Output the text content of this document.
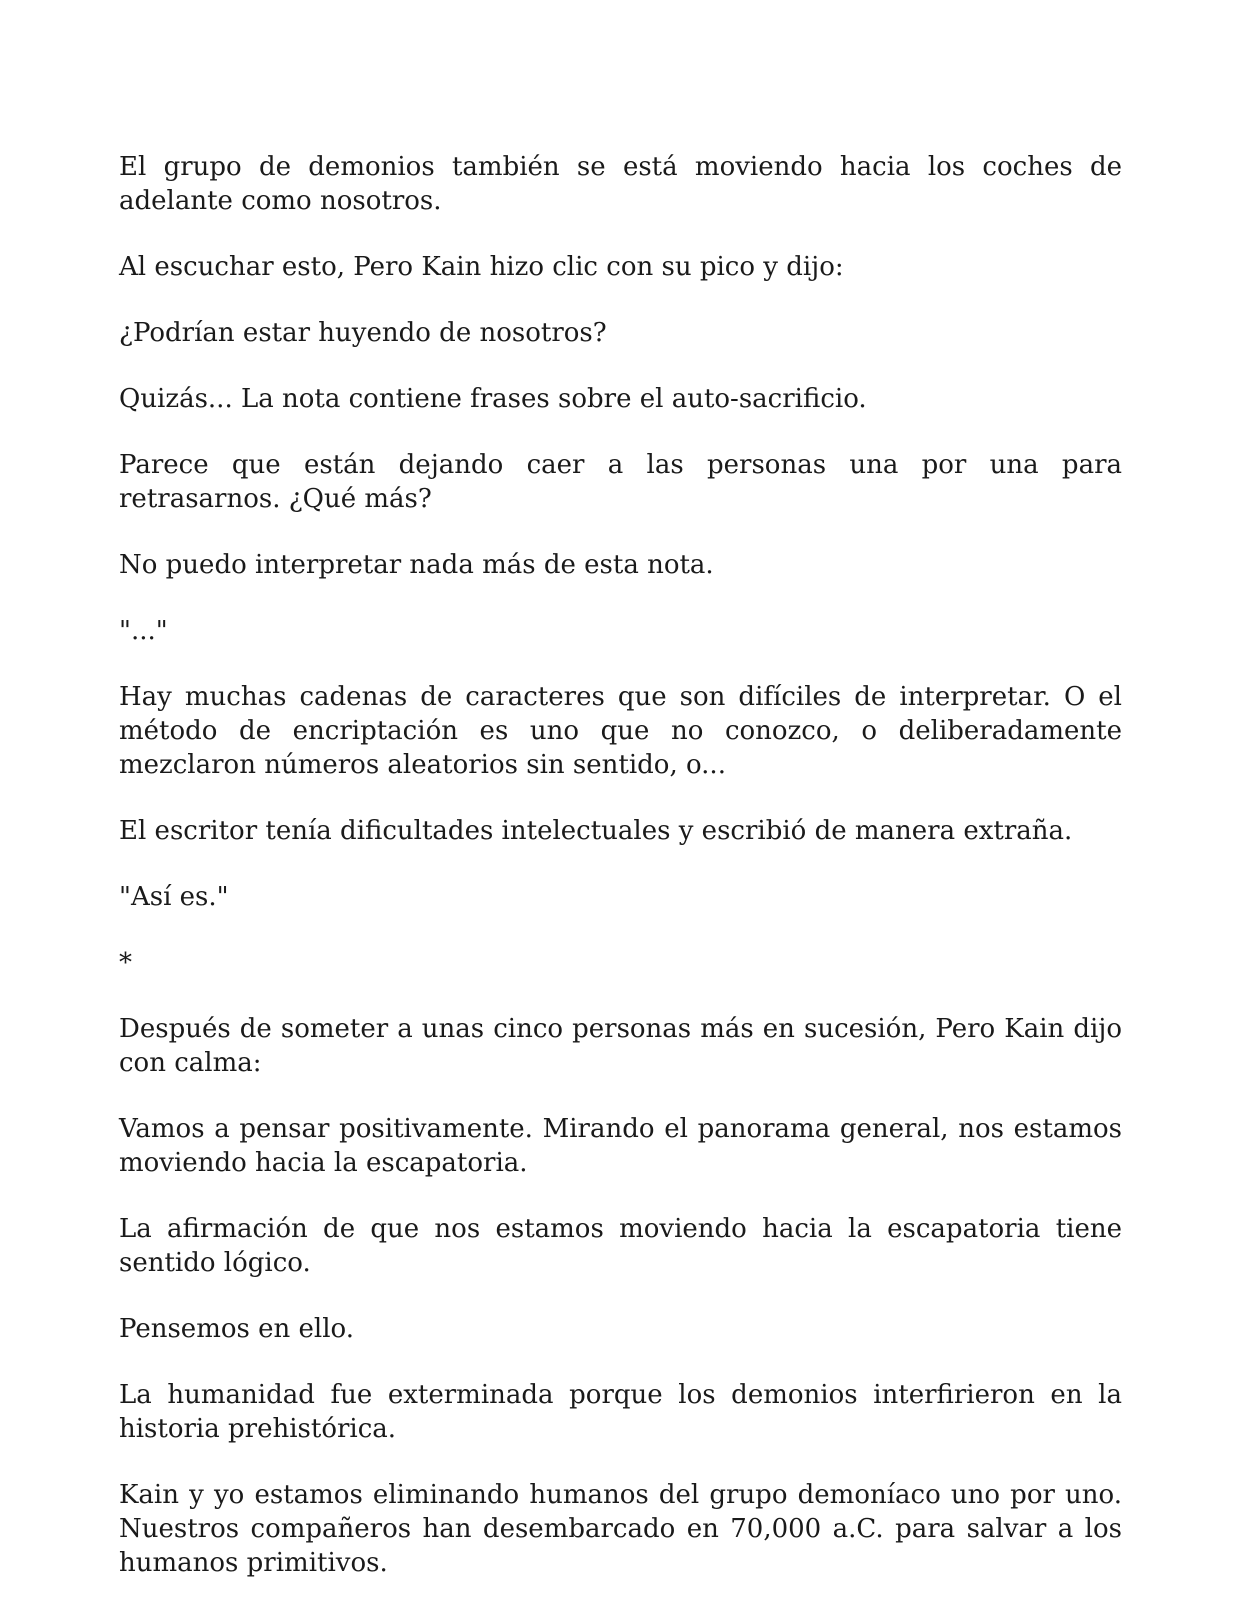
El grupo de demonios también se está moviendo hacia los coches de adelante como nosotros.

Al escuchar esto, Pero Kain hizo clic con su pico y dijo:

¿Podrían estar huyendo de nosotros?

Quizás... La nota contiene frases sobre el auto-sacrificio.

Parece que están dejando caer a las personas una por una para retrasarnos. ¿Qué más?

No puedo interpretar nada más de esta nota.

"..."

Hay muchas cadenas de caracteres que son difíciles de interpretar. O el método de encriptación es uno que no conozco, o deliberadamente mezclaron números aleatorios sin sentido, o...

El escritor tenía dificultades intelectuales y escribió de manera extraña.

"Así es."

*

Después de someter a unas cinco personas más en sucesión, Pero Kain dijo con calma:

Vamos a pensar positivamente. Mirando el panorama general, nos estamos moviendo hacia la escapatoria.

La afirmación de que nos estamos moviendo hacia la escapatoria tiene sentido lógico.

Pensemos en ello.

La humanidad fue exterminada porque los demonios interfirieron en la historia prehistórica.

Kain y yo estamos eliminando humanos del grupo demoníaco uno por uno. Nuestros compañeros han desembarcado en 70,000 a.C. para salvar a los humanos primitivos.
